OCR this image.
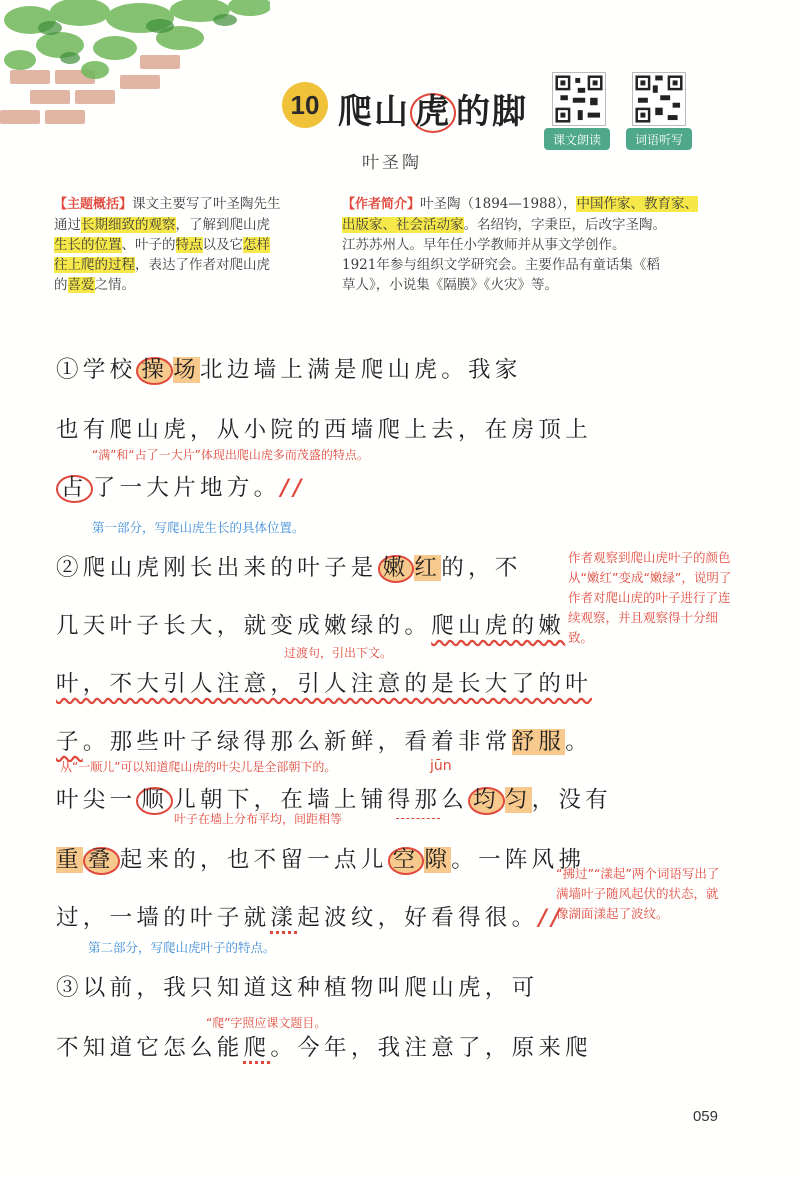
10 爬山 虎 的脚
叶圣陶
课文朗读	词语听写
【主题概括】课文主要写了叶圣陶先生
通过长期细致的观察，了解到爬山虎
生长的位置、叶子的特点以及它怎样
往上爬的过程，表达了作者对爬山虎
的喜爱之情。
【作者简介】叶圣陶（1894—1988），中国作家、教育家、
出版家、社会活动家。名绍钧，字秉臣，后改字圣陶。
江苏苏州人。早年任小学教师并从事文学创作。
1921年参与组织文学研究会。主要作品有童话集《稻
草人》，小说集《隔膜》《火灾》等。
①学校 操 场北边墙上满是爬山虎。我家
也有爬山虎，从小院的西墙爬上去，在房顶上
“满”和“占了一大片”体现出爬山虎多而茂盛的特点。
占 了一大片地方。//
第一部分，写爬山虎生长的具体位置。
②爬山虎刚长出来的叶子是 嫩 红的，不
几天叶子长大，就变成嫩绿的。爬山虎的嫩
过渡句，引出下文。
叶，不大引人注意，引人注意的是长大了的叶
子。那些叶子绿得那么新鲜，看着非常舒服。
从“一顺儿”可以知道爬山虎的叶尖儿是全部朝下的。	jūn
叶尖一 顺 儿朝下，在墙上铺得那么 均 匀，没有
叶子在墙上分布平均，间距相等
重 叠 起来的，也不留一点儿 空 隙。一阵风拂
过，一墙的叶子就漾起波纹，好看得很。//
第二部分，写爬山虎叶子的特点。
③以前，我只知道这种植物叫爬山虎，可
“爬”字照应课文题目。
不知道它怎么能爬。今年，我注意了，原来爬
作者观察到爬山虎叶子的颜色从“嫩红”变成“嫩绿”，说明了作者对爬山虎的叶子进行了连续观察，并且观察得十分细致。
“拂过”“漾起”两个词语写出了满墙叶子随风起伏的状态，就像湖面漾起了波纹。
059
